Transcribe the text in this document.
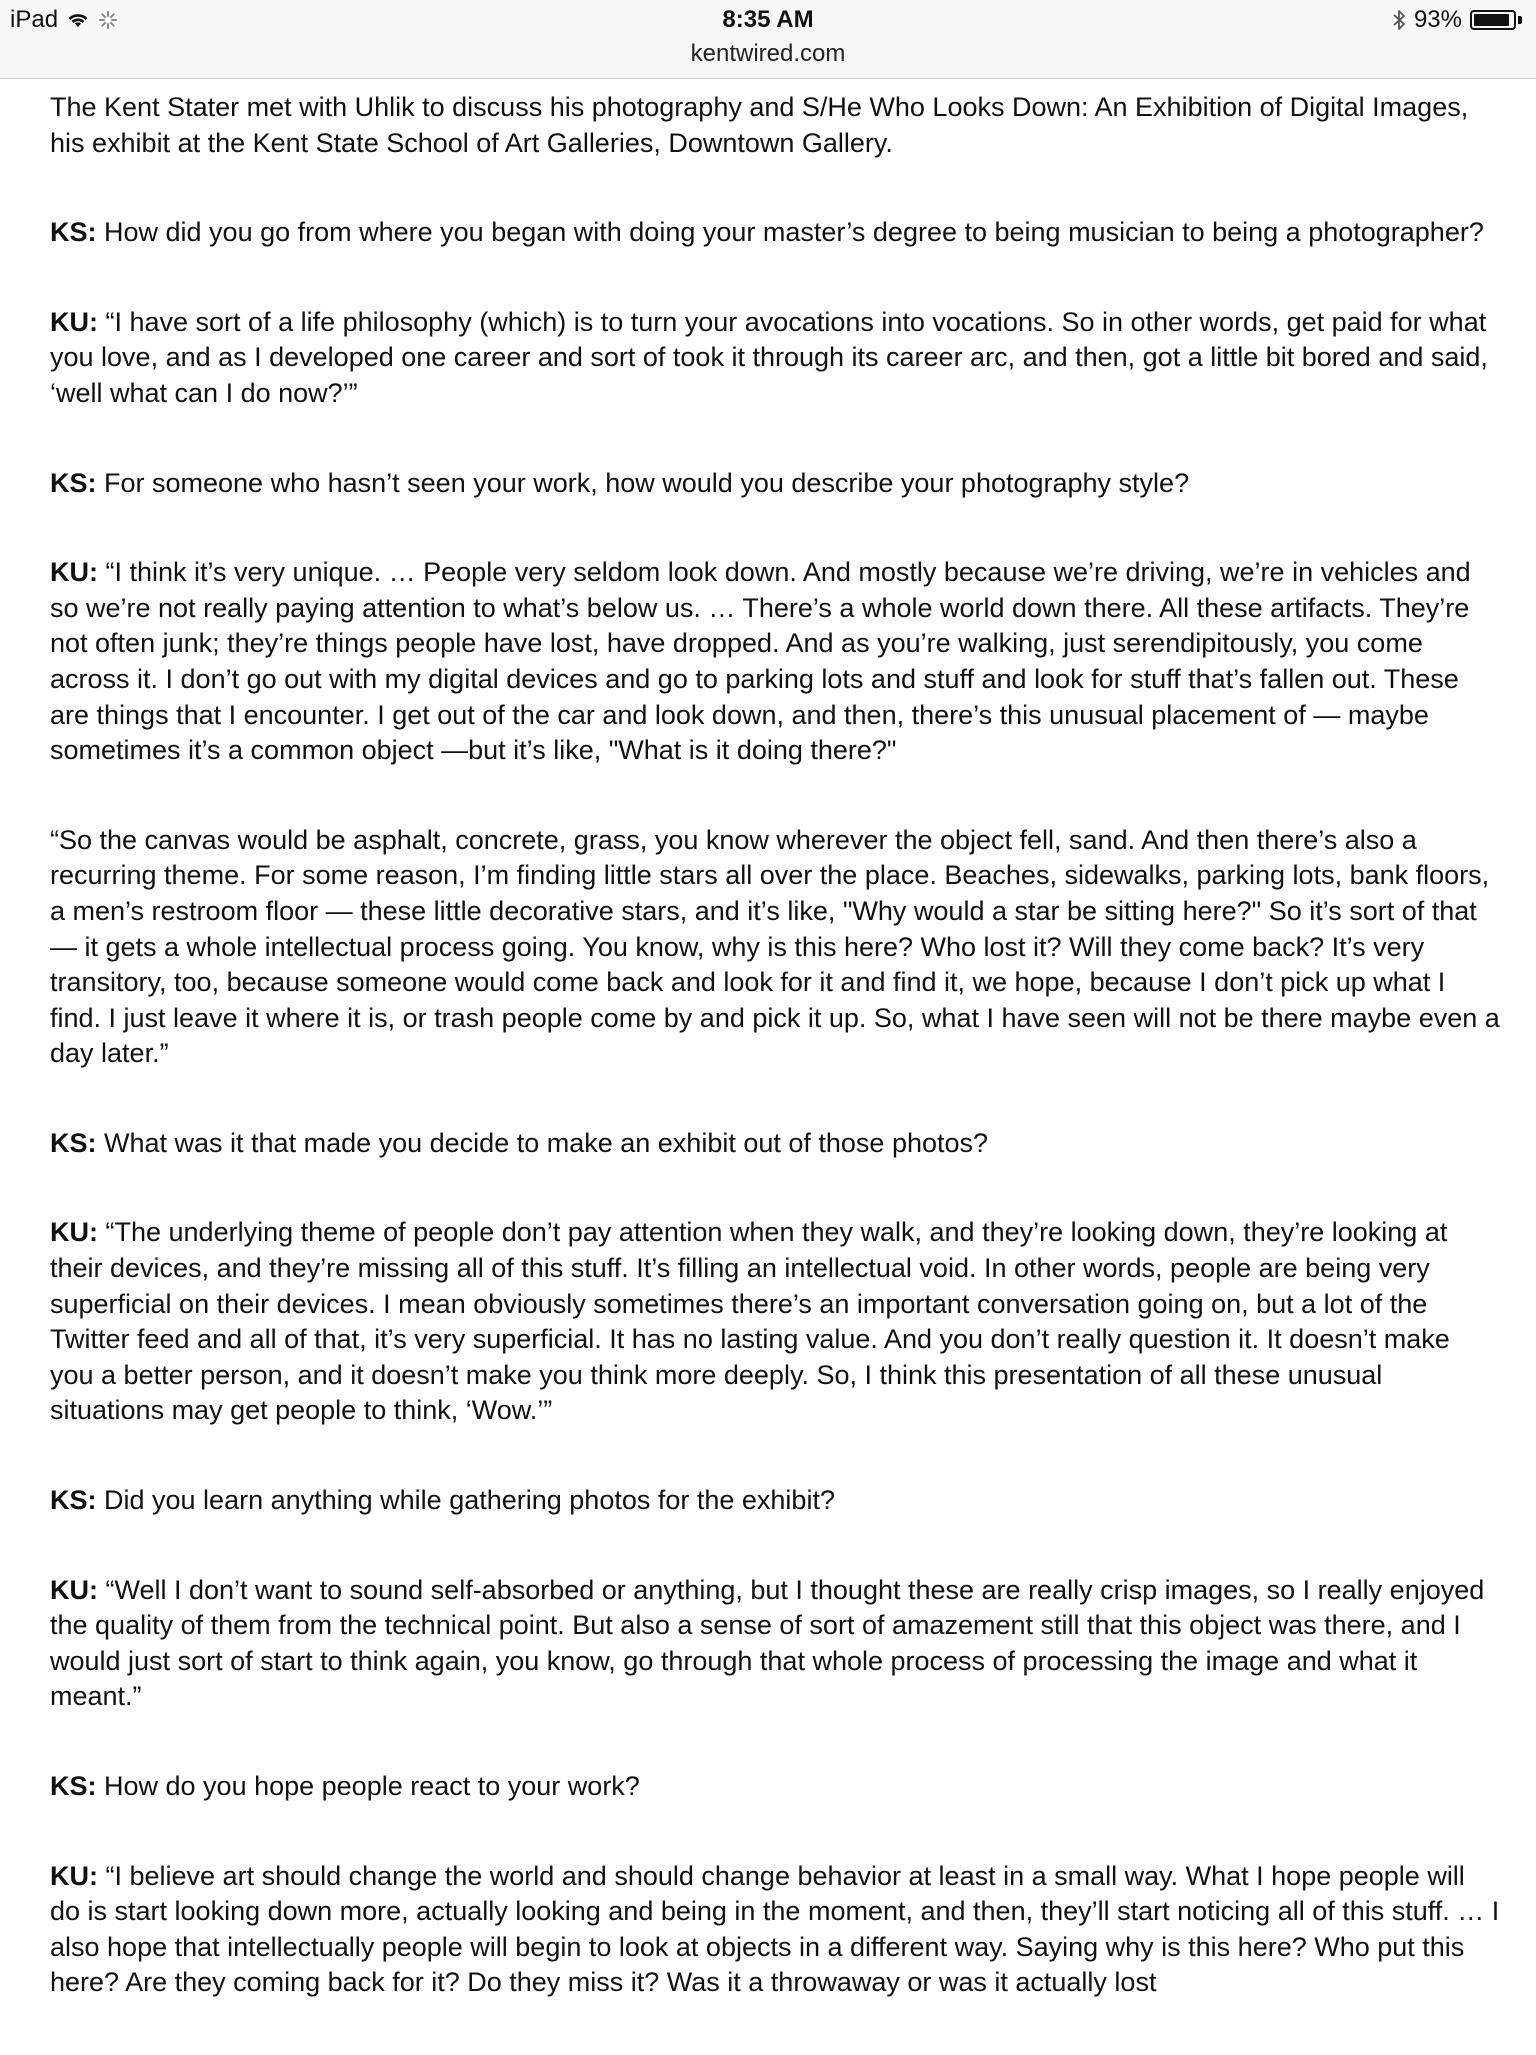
iPad	8:35 AM
kentwired.com
93%

The Kent Stater met with Uhlik to discuss his photography and S/He Who Looks Down: An Exhibition of Digital Images, his exhibit at the Kent State School of Art Galleries, Downtown Gallery.

KS: How did you go from where you began with doing your master’s degree to being musician to being a photographer?

KU: “I have sort of a life philosophy (which) is to turn your avocations into vocations. So in other words, get paid for what you love, and as I developed one career and sort of took it through its career arc, and then, got a little bit bored and said, ‘well what can I do now?’”

KS: For someone who hasn’t seen your work, how would you describe your photography style?

KU: “I think it’s very unique. … People very seldom look down. And mostly because we’re driving, we’re in vehicles and so we’re not really paying attention to what’s below us. … There’s a whole world down there. All these artifacts. They’re not often junk; they’re things people have lost, have dropped. And as you’re walking, just serendipitously, you come across it. I don’t go out with my digital devices and go to parking lots and stuff and look for stuff that’s fallen out. These are things that I encounter. I get out of the car and look down, and then, there’s this unusual placement of — maybe sometimes it’s a common object —but it’s like, "What is it doing there?"

“So the canvas would be asphalt, concrete, grass, you know wherever the object fell, sand. And then there’s also a recurring theme. For some reason, I’m finding little stars all over the place. Beaches, sidewalks, parking lots, bank floors, a men’s restroom floor — these little decorative stars, and it’s like, "Why would a star be sitting here?" So it’s sort of that — it gets a whole intellectual process going. You know, why is this here? Who lost it? Will they come back? It’s very transitory, too, because someone would come back and look for it and find it, we hope, because I don’t pick up what I find. I just leave it where it is, or trash people come by and pick it up. So, what I have seen will not be there maybe even a day later.”

KS: What was it that made you decide to make an exhibit out of those photos?

KU: “The underlying theme of people don’t pay attention when they walk, and they’re looking down, they’re looking at their devices, and they’re missing all of this stuff. It’s filling an intellectual void. In other words, people are being very superficial on their devices. I mean obviously sometimes there’s an important conversation going on, but a lot of the Twitter feed and all of that, it’s very superficial. It has no lasting value. And you don’t really question it. It doesn’t make you a better person, and it doesn’t make you think more deeply. So, I think this presentation of all these unusual situations may get people to think, ‘Wow.’”

KS: Did you learn anything while gathering photos for the exhibit?

KU: “Well I don’t want to sound self-absorbed or anything, but I thought these are really crisp images, so I really enjoyed the quality of them from the technical point. But also a sense of sort of amazement still that this object was there, and I would just sort of start to think again, you know, go through that whole process of processing the image and what it meant.”

KS: How do you hope people react to your work?

KU: “I believe art should change the world and should change behavior at least in a small way. What I hope people will do is start looking down more, actually looking and being in the moment, and then, they’ll start noticing all of this stuff. … I also hope that intellectually people will begin to look at objects in a different way. Saying why is this here? Who put this here? Are they coming back for it? Do they miss it? Was it a throwaway or was it actually lost
